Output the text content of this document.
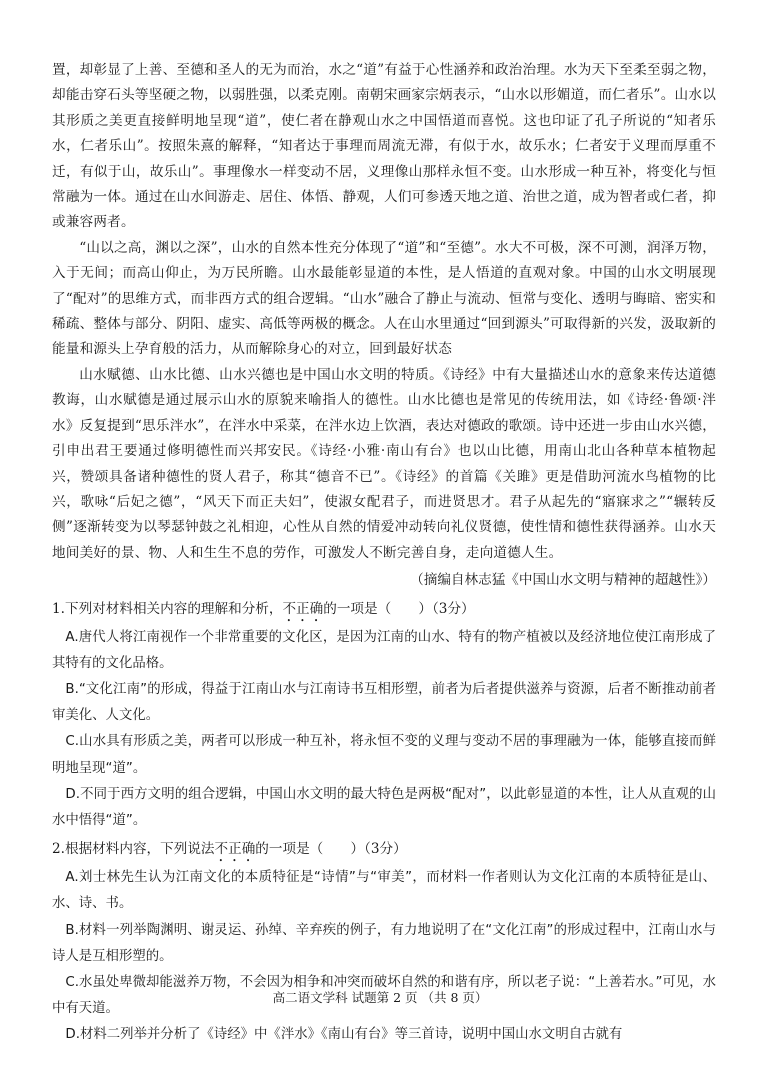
置，却彰显了上善、至德和圣人的无为而治，水之“道”有益于心性涵养和政治治理。水为天下至柔至弱之物，却能击穿石头等坚硬之物，以弱胜强，以柔克刚。南朝宋画家宗炳表示，“山水以形媚道，而仁者乐”。山水以其形质之美更直接鲜明地呈现“道”，使仁者在静观山水之中国悟道而喜悦。这也印证了孔子所说的“知者乐水，仁者乐山”。按照朱熹的解释，“知者达于事理而周流无滞，有似于水，故乐水；仁者安于义理而厚重不迁，有似于山，故乐山”。事理像水一样变动不居，义理像山那样永恒不变。山水形成一种互补，将变化与恒常融为一体。通过在山水间游走、居住、体悟、静观，人们可参透天地之道、治世之道，成为智者或仁者，抑或兼容两者。

“山以之高，渊以之深”，山水的自然本性充分体现了“道”和“至德”。水大不可极，深不可测，润泽万物，入于无间；而高山仰止，为万民所瞻。山水最能彰显道的本性，是人悟道的直观对象。中国的山水文明展现了“配对”的思维方式，而非西方式的组合逻辑。“山水”融合了静止与流动、恒常与变化、透明与晦暗、密实和稀疏、整体与部分、阴阳、虚实、高低等两极的概念。人在山水里通过“回到源头”可取得新的兴发，汲取新的能量和源头上孕育般的活力，从而解除身心的对立，回到最好状态

山水赋德、山水比德、山水兴德也是中国山水文明的特质。《诗经》中有大量描述山水的意象来传达道德教诲，山水赋德是通过展示山水的原貌来喻指人的德性。山水比德也是常见的传统用法，如《诗经·鲁颂·泮水》反复提到“思乐泮水”，在泮水中采菜，在泮水边上饮酒，表达对德政的歌颂。诗中还进一步由山水兴德，引申出君王要通过修明德性而兴邦安民。《诗经·小雅·南山有台》也以山比德，用南山北山各种草本植物起兴，赞颂具备诸种德性的贤人君子，称其“德音不已”。《诗经》的首篇《关雎》更是借助河流水鸟植物的比兴，歌咏“后妃之德”，“风天下而正夫妇”，使淑女配君子，而进贤思才。君子从起先的“寤寐求之”“辗转反侧”逐渐转变为以琴瑟钟鼓之礼相迎，心性从自然的情爱冲动转向礼仪贤德，使性情和德性获得涵养。山水天地间美好的景、物、人和生生不息的劳作，可激发人不断完善自身，走向道德人生。

（摘编自林志猛《中国山水文明与精神的超越性》）

1.下列对材料相关内容的理解和分析，不正确的一项是（　　）（3分）

A.唐代人将江南视作一个非常重要的文化区，是因为江南的山水、特有的物产植被以及经济地位使江南形成了其特有的文化品格。

B.“文化江南”的形成，得益于江南山水与江南诗书互相形塑，前者为后者提供滋养与资源，后者不断推动前者审美化、人文化。

C.山水具有形质之美，两者可以形成一种互补，将永恒不变的义理与变动不居的事理融为一体，能够直接而鲜明地呈现“道”。

D.不同于西方文明的组合逻辑，中国山水文明的最大特色是两极“配对”，以此彰显道的本性，让人从直观的山水中悟得“道”。

2.根据材料内容，下列说法不正确的一项是（　　）（3分）

A.刘士林先生认为江南文化的本质特征是“诗情”与“审美”，而材料一作者则认为文化江南的本质特征是山、水、诗、书。

B.材料一列举陶渊明、谢灵运、孙绰、辛弃疾的例子，有力地说明了在“文化江南”的形成过程中，江南山水与诗人是互相形塑的。

C.水虽处卑微却能滋养万物，不会因为相争和冲突而破坏自然的和谐有序，所以老子说：“上善若水。”可见，水中有天道。

D.材料二列举并分析了《诗经》中《泮水》《南山有台》等三首诗，说明中国山水文明自古就有

高二语文学科 试题第 2 页 （共 8 页）
